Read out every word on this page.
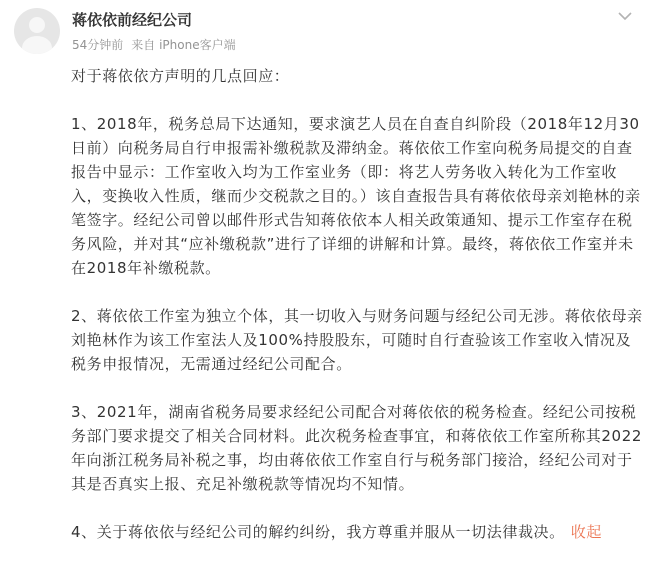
蒋依依前经纪公司
54分钟前 来自 iPhone客户端

对于蒋依依方声明的几点回应：

1、2018年，税务总局下达通知，要求演艺人员在自查自纠阶段（2018年12月30日前）向税务局自行申报需补缴税款及滞纳金。蒋依依工作室向税务局提交的自查报告中显示：工作室收入均为工作室业务（即：将艺人劳务收入转化为工作室收入，变换收入性质，继而少交税款之目的。）该自查报告具有蒋依依母亲刘艳林的亲笔签字。经纪公司曾以邮件形式告知蒋依依本人相关政策通知、提示工作室存在税务风险，并对其“应补缴税款”进行了详细的讲解和计算。最终，蒋依依工作室并未在2018年补缴税款。

2、蒋依依工作室为独立个体，其一切收入与财务问题与经纪公司无涉。蒋依依母亲刘艳林作为该工作室法人及100%持股股东，可随时自行查验该工作室收入情况及税务申报情况，无需通过经纪公司配合。

3、2021年，湖南省税务局要求经纪公司配合对蒋依依的税务检查。经纪公司按税务部门要求提交了相关合同材料。此次税务检查事宜，和蒋依依工作室所称其2022年向浙江税务局补税之事，均由蒋依依工作室自行与税务部门接洽，经纪公司对于其是否真实上报、充足补缴税款等情况均不知情。

4、关于蒋依依与经纪公司的解约纠纷，我方尊重并服从一切法律裁决。 收起
